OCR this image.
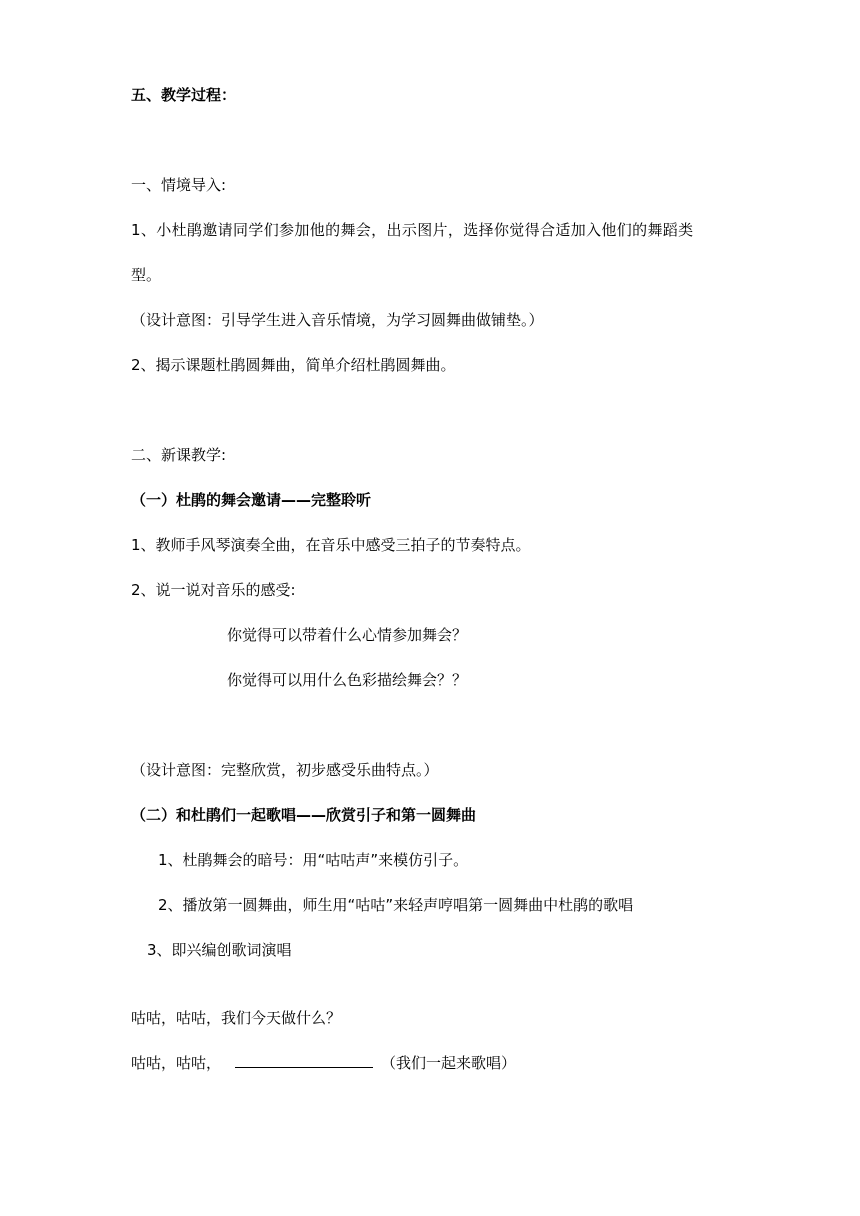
五、教学过程：
一、情境导入:
1、小杜鹃邀请同学们参加他的舞会，出示图片，选择你觉得合适加入他们的舞蹈类
型。
（设计意图：引导学生进入音乐情境，为学习圆舞曲做铺垫。）
2、揭示课题杜鹃圆舞曲，简单介绍杜鹃圆舞曲。
二、新课教学:
（一）杜鹃的舞会邀请——完整聆听
1、教师手风琴演奏全曲，在音乐中感受三拍子的节奏特点。
2、说一说对音乐的感受:
你觉得可以带着什么心情参加舞会？
你觉得可以用什么色彩描绘舞会？？
（设计意图：完整欣赏，初步感受乐曲特点。）
（二）和杜鹃们一起歌唱——欣赏引子和第一圆舞曲
1、杜鹃舞会的暗号：用“咕咕声”来模仿引子。
2、播放第一圆舞曲，师生用“咕咕”来轻声哼唱第一圆舞曲中杜鹃的歌唱
3、即兴编创歌词演唱
咕咕，咕咕，我们今天做什么？
咕咕，咕咕，	（我们一起来歌唱）
